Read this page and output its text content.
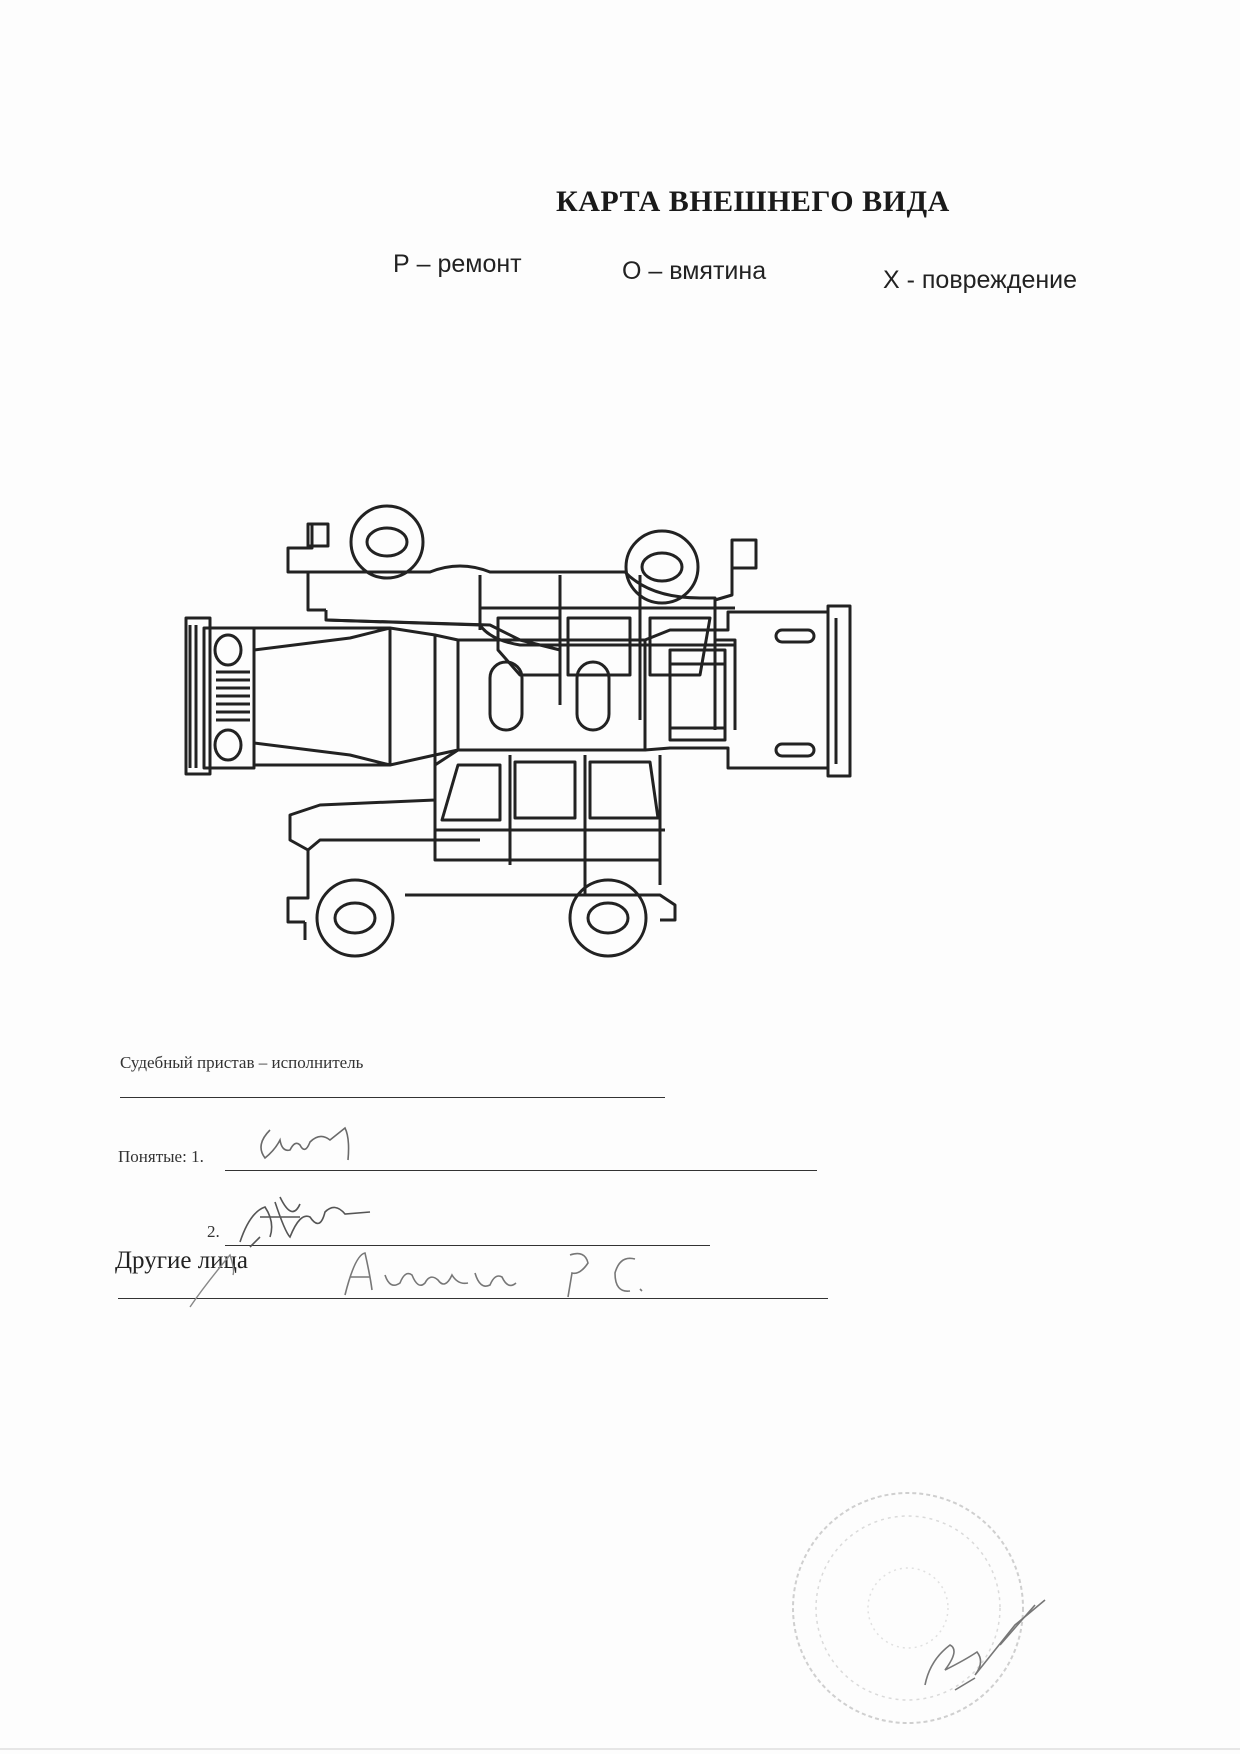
КАРТА ВНЕШНЕГО ВИДА
Р – ремонт	О – вмятина	Х - повреждение
Судебный пристав – исполнитель
Понятые: 1.
2.
Другие лица
